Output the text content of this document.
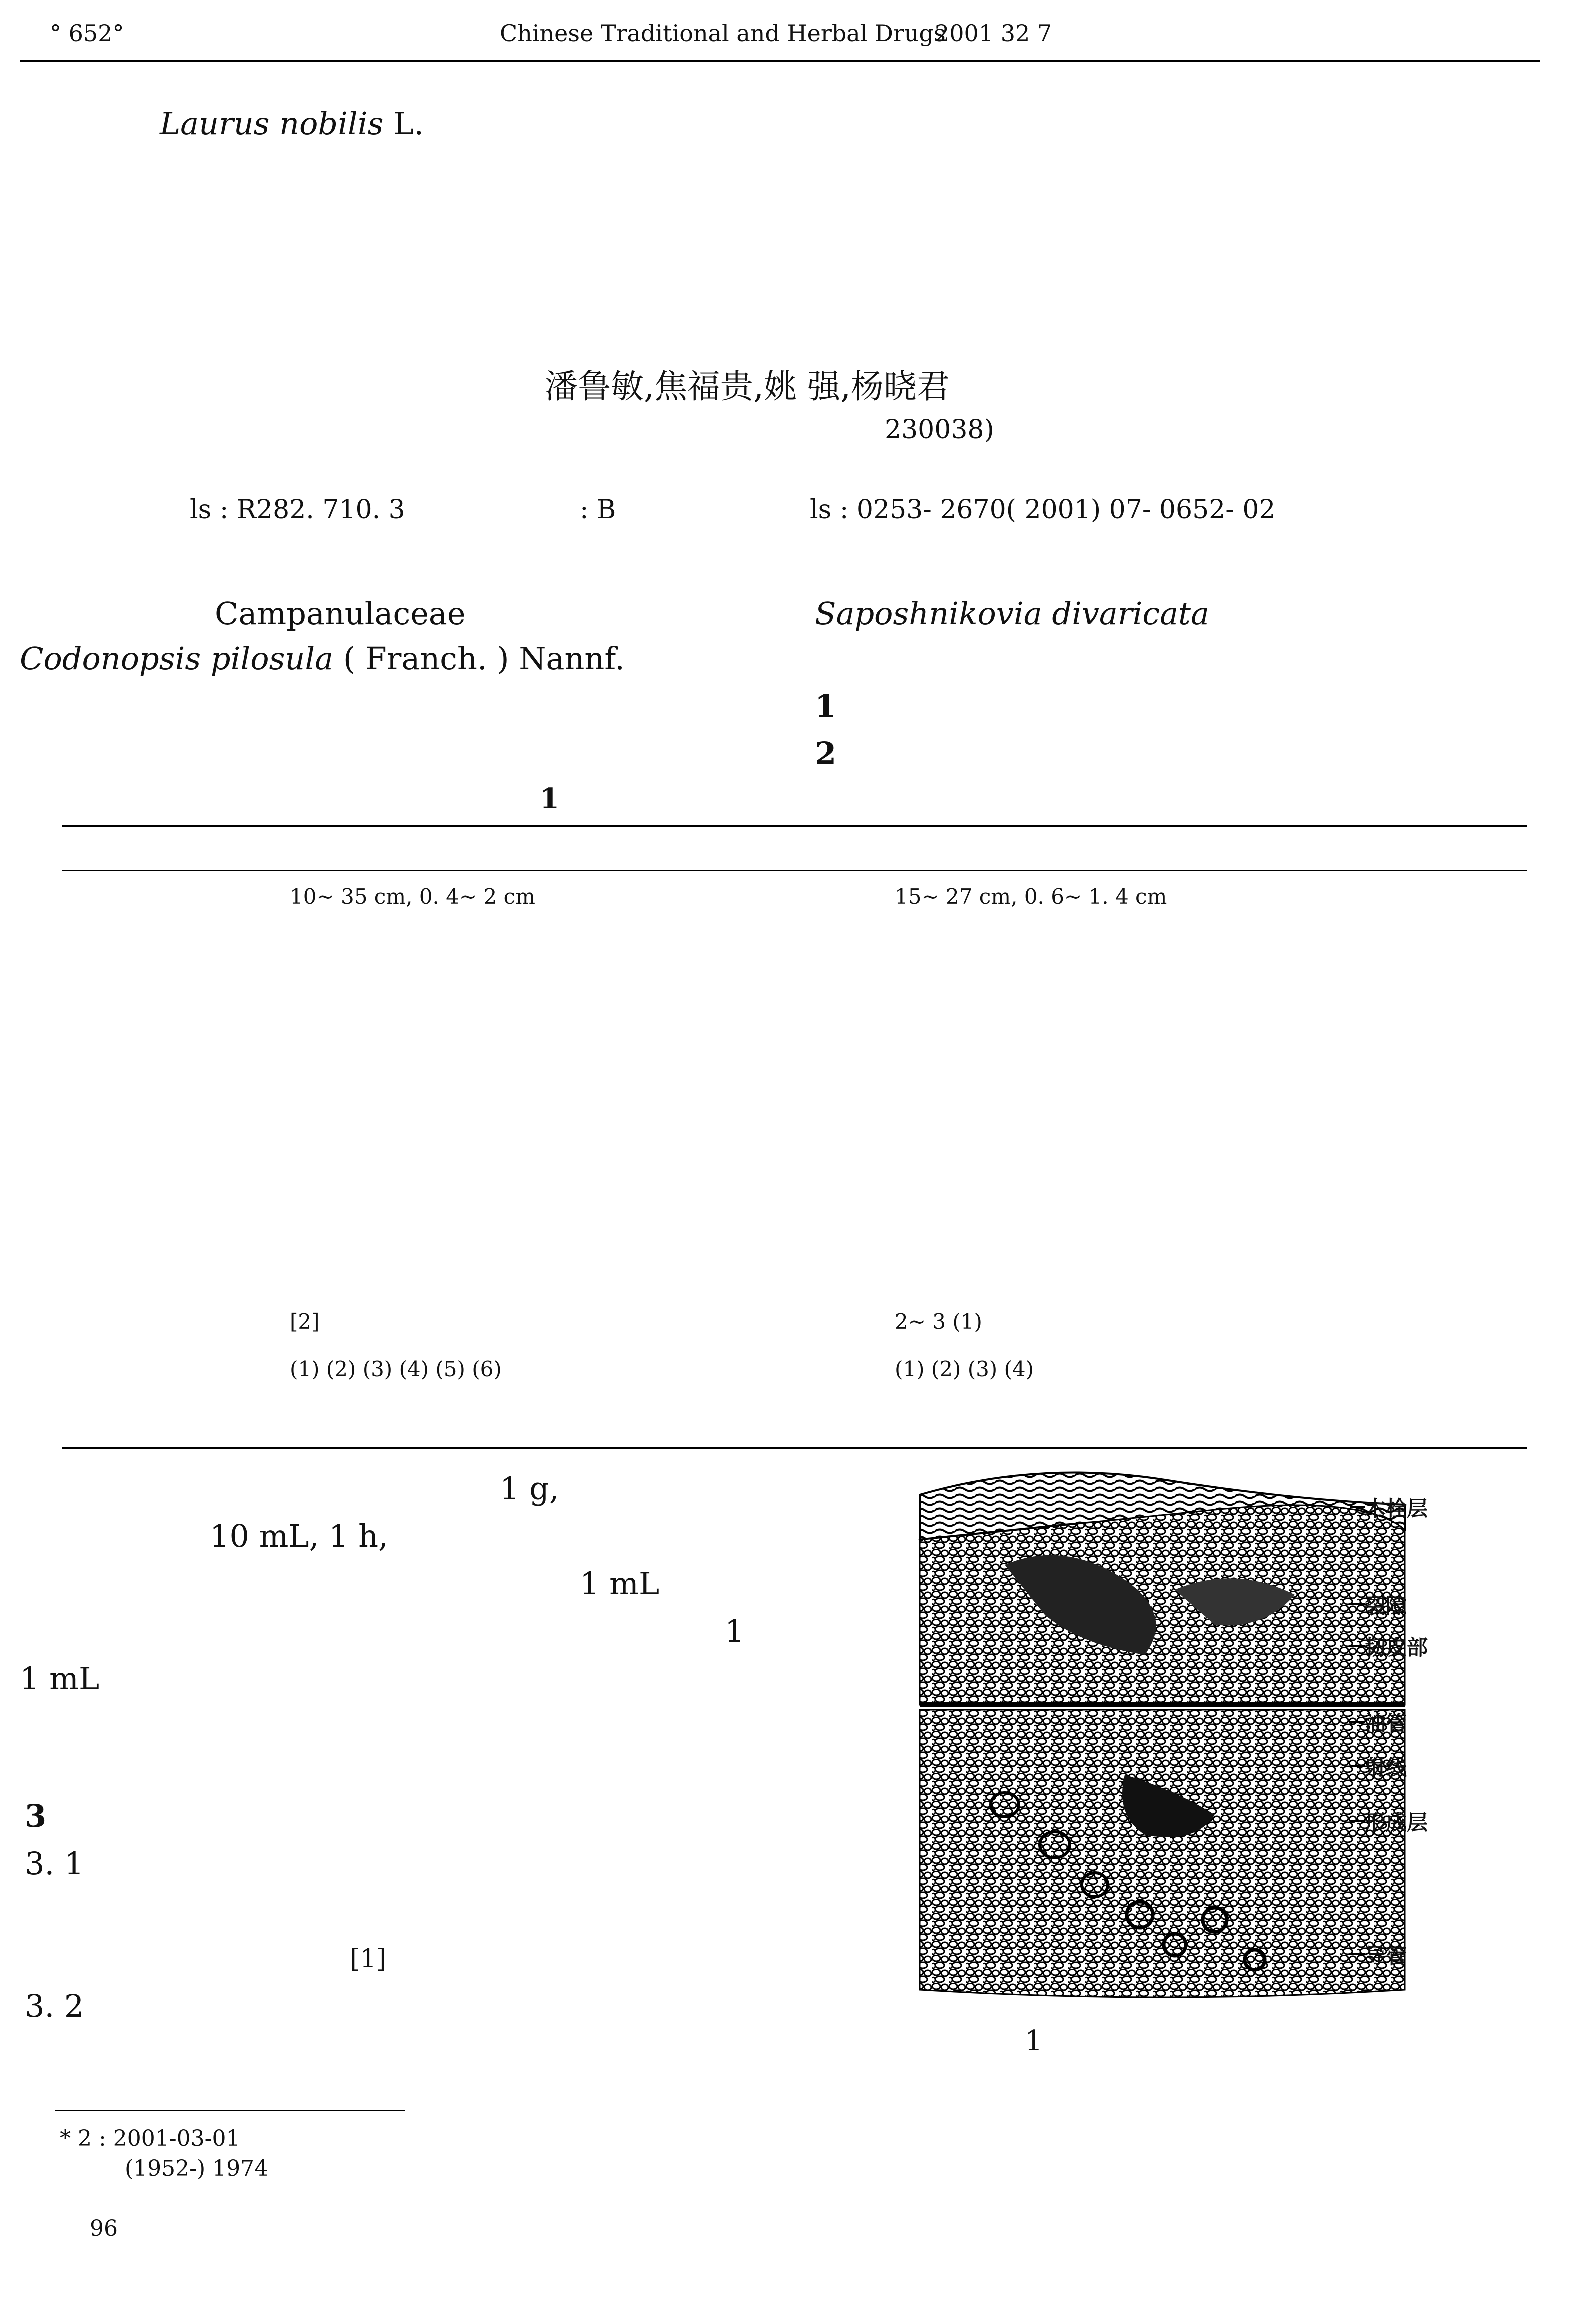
° 652°	Chinese Traditional and Herbal Drugs
2001 32 7
Laurus nobilis L.
潘鲁敏,焦福贵,姚 强,杨晓君
230038)
ls : R282. 710. 3	: B	ls : 0253- 2670( 2001) 07- 0652- 02
Campanulaceae	Saposhnikovia divaricata
Codonopsis pilosula ( Franch. ) Nannf.
1
2
1
10~ 35 cm, 0. 4~ 2 cm	15~ 27 cm, 0. 6~ 1. 4 cm
[2]	2~ 3 (1)
(1) (2) (3) (4) (5) (6)	(1) (2) (3) (4)
1 g,
10 mL, 1 h,
1 mL
1
1 mL
3
3. 1
[1]
3. 2
木栓层
裂隙
韧皮部
油管
射线
形成层
导管
1
* 2 : 2001-03-01
(1952-) 1974
96
